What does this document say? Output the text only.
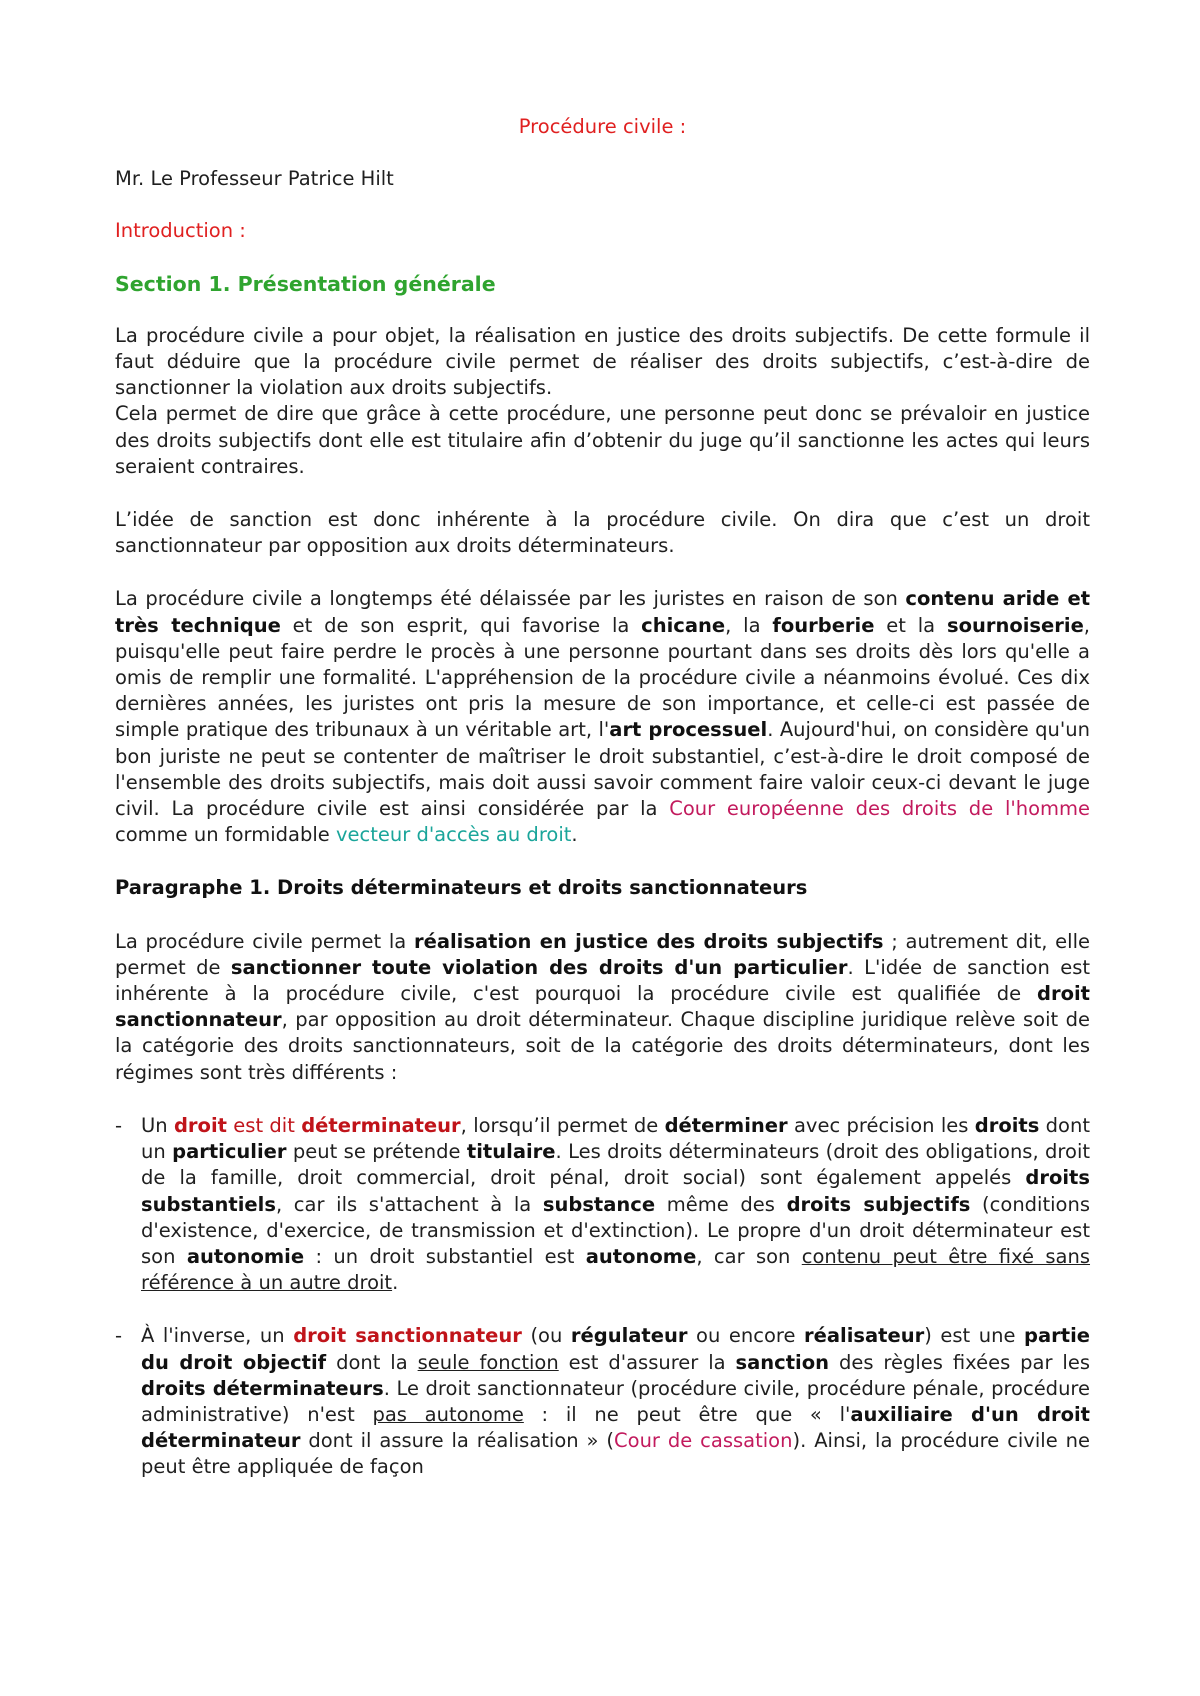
Procédure civile :

Mr. Le Professeur Patrice Hilt

Introduction :

Section 1. Présentation générale

La procédure civile a pour objet, la réalisation en justice des droits subjectifs. De cette formule il faut déduire que la procédure civile permet de réaliser des droits subjectifs, c’est-à-dire de sanctionner la violation aux droits subjectifs.

Cela permet de dire que grâce à cette procédure, une personne peut donc se prévaloir en justice des droits subjectifs dont elle est titulaire afin d’obtenir du juge qu’il sanctionne les actes qui leurs seraient contraires.

L’idée de sanction est donc inhérente à la procédure civile. On dira que c’est un droit sanctionnateur par opposition aux droits déterminateurs.

La procédure civile a longtemps été délaissée par les juristes en raison de son contenu aride et très technique et de son esprit, qui favorise la chicane, la fourberie et la sournoiserie, puisqu'elle peut faire perdre le procès à une personne pourtant dans ses droits dès lors qu'elle a omis de remplir une formalité. L'appréhension de la procédure civile a néanmoins évolué. Ces dix dernières années, les juristes ont pris la mesure de son importance, et celle-ci est passée de simple pratique des tribunaux à un véritable art, l'art processuel. Aujourd'hui, on considère qu'un bon juriste ne peut se contenter de maîtriser le droit substantiel, c’est-à-dire le droit composé de l'ensemble des droits subjectifs, mais doit aussi savoir comment faire valoir ceux-ci devant le juge civil. La procédure civile est ainsi considérée par la Cour européenne des droits de l'homme comme un formidable vecteur d'accès au droit.

Paragraphe 1. Droits déterminateurs et droits sanctionnateurs

La procédure civile permet la réalisation en justice des droits subjectifs ; autrement dit, elle permet de sanctionner toute violation des droits d'un particulier. L'idée de sanction est inhérente à la procédure civile, c'est pourquoi la procédure civile est qualifiée de droit sanctionnateur, par opposition au droit déterminateur. Chaque discipline juridique relève soit de la catégorie des droits sanctionnateurs, soit de la catégorie des droits déterminateurs, dont les régimes sont très différents :

- Un droit est dit déterminateur, lorsqu’il permet de déterminer avec précision les droits dont un particulier peut se prétende titulaire. Les droits déterminateurs (droit des obligations, droit de la famille, droit commercial, droit pénal, droit social) sont également appelés droits substantiels, car ils s'attachent à la substance même des droits subjectifs (conditions d'existence, d'exercice, de transmission et d'extinction). Le propre d'un droit déterminateur est son autonomie : un droit substantiel est autonome, car son contenu peut être fixé sans référence à un autre droit.

- À l'inverse, un droit sanctionnateur (ou régulateur ou encore réalisateur) est une partie du droit objectif dont la seule fonction est d'assurer la sanction des règles fixées par les droits déterminateurs. Le droit sanctionnateur (procédure civile, procédure pénale, procédure administrative) n'est pas autonome : il ne peut être que « l'auxiliaire d'un droit déterminateur dont il assure la réalisation » (Cour de cassation). Ainsi, la procédure civile ne peut être appliquée de façon
